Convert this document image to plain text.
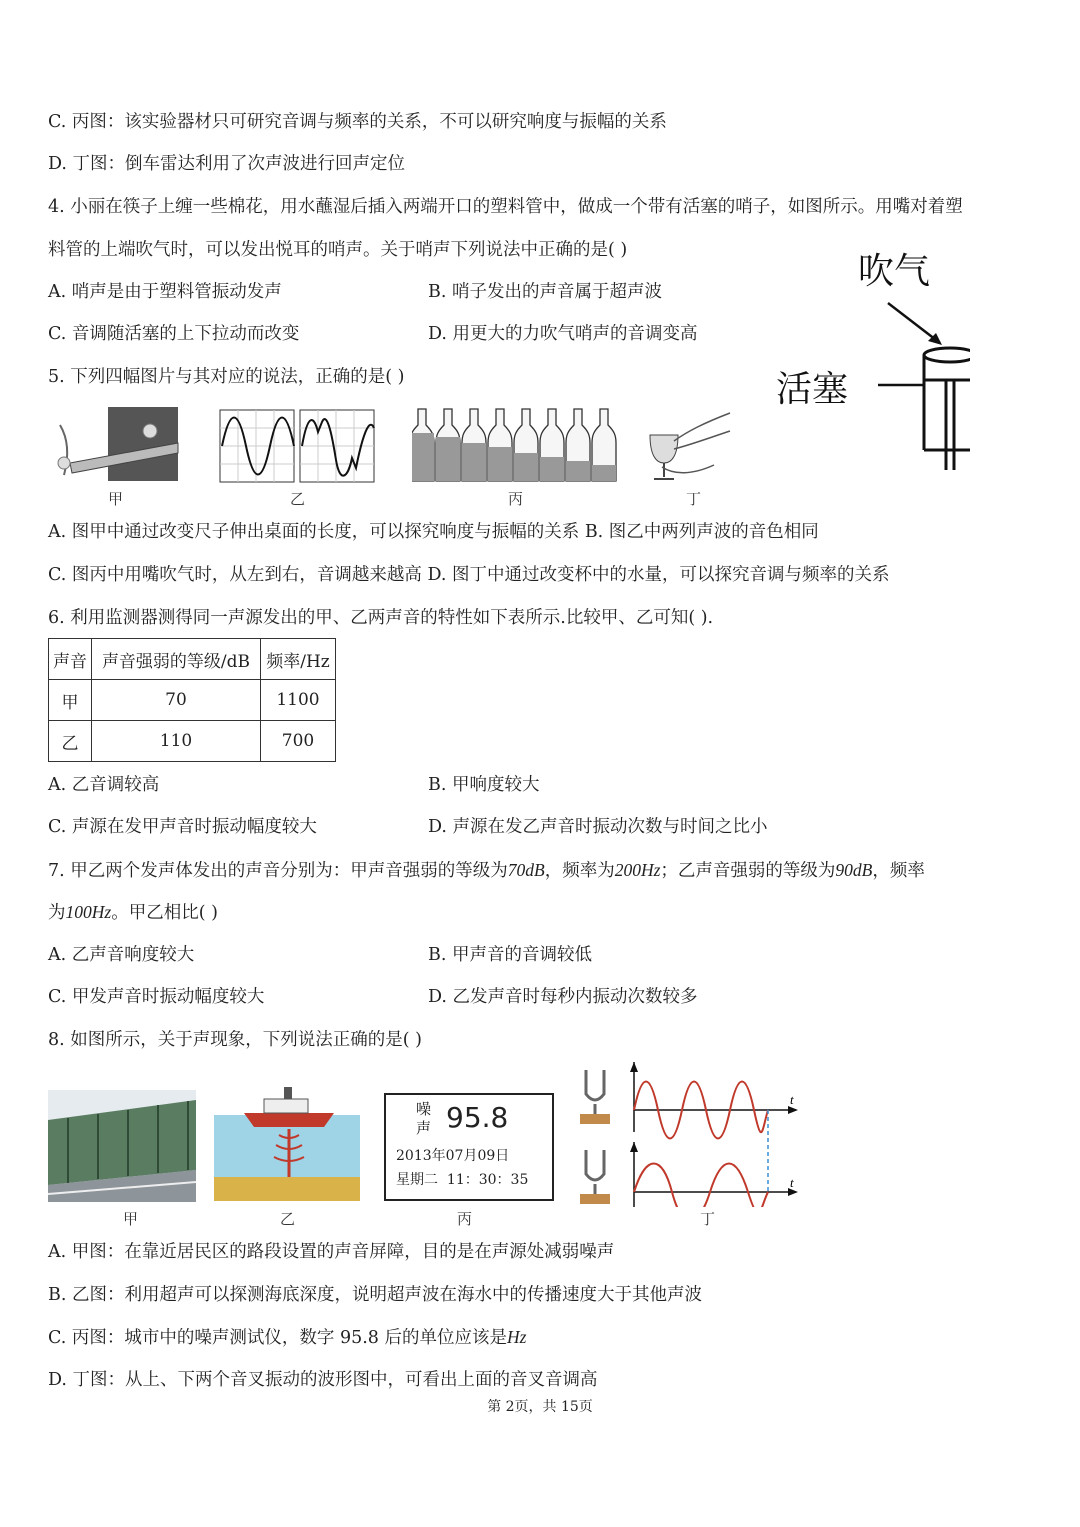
C. 丙图：该实验器材只可研究音调与频率的关系，不可以研究响度与振幅的关系
D. 丁图：倒车雷达利用了次声波进行回声定位
4. 小丽在筷子上缠一些棉花，用水蘸湿后插入两端开口的塑料管中，做成一个带有活塞的哨子，如图所示。用嘴对着塑
料管的上端吹气时，可以发出悦耳的哨声。关于哨声下列说法中正确的是( )
A. 哨声是由于塑料管振动发声	B. 哨子发出的声音属于超声波
C. 音调随活塞的上下拉动而改变	D. 用更大的力吹气哨声的音调变高
吹气
活塞
5. 下列四幅图片与其对应的说法，正确的是( )
甲	乙	丙	丁
A. 图甲中通过改变尺子伸出桌面的长度，可以探究响度与振幅的关系 B. 图乙中两列声波的音色相同
C. 图丙中用嘴吹气时，从左到右，音调越来越高 D. 图丁中通过改变杯中的水量，可以探究音调与频率的关系
6. 利用监测器测得同一声源发出的甲、乙两声音的特性如下表所示.比较甲、乙可知( ).
声音	声音强弱的等级/dB	频率/Hz
甲	70	1100
乙	110	700
A. 乙音调较高	B. 甲响度较大
C. 声源在发甲声音时振动幅度较大	D. 声源在发乙声音时振动次数与时间之比小
7. 甲乙两个发声体发出的声音分别为：甲声音强弱的等级为70dB，频率为200Hz；乙声音强弱的等级为90dB，频率
为100Hz。甲乙相比( )
A. 乙声音响度较大	B. 甲声音的音调较低
C. 甲发声音时振动幅度较大	D. 乙发声音时每秒内振动次数较多
8. 如图所示，关于声现象，下列说法正确的是( )
甲	乙
噪
声 95.8
2013年07月09日
星期二 11：30：35
丙
t
t
丁
A. 甲图：在靠近居民区的路段设置的声音屏障，目的是在声源处减弱噪声
B. 乙图：利用超声可以探测海底深度，说明超声波在海水中的传播速度大于其他声波
C. 丙图：城市中的噪声测试仪，数字 95.8 后的单位应该是Hz
D. 丁图：从上、下两个音叉振动的波形图中，可看出上面的音叉音调高
第 2页，共 15页
